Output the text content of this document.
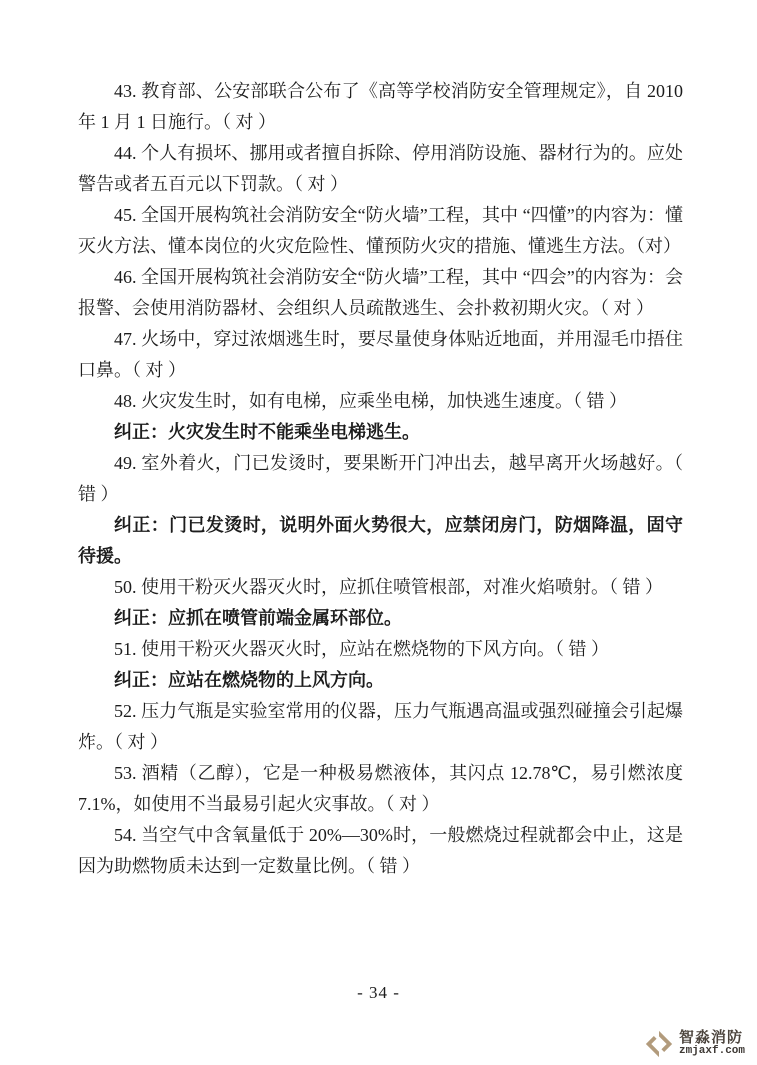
43. 教育部、公安部联合公布了《高等学校消防安全管理规定》，自 2010 年 1 月 1 日施行。（ 对 ）

44. 个人有损坏、挪用或者擅自拆除、停用消防设施、器材行为的。应处警告或者五百元以下罚款。（ 对 ）

45. 全国开展构筑社会消防安全“防火墙”工程，其中 “四懂”的内容为：懂灭火方法、懂本岗位的火灾危险性、懂预防火灾的措施、懂逃生方法。（对）

46. 全国开展构筑社会消防安全“防火墙”工程，其中 “四会”的内容为：会报警、会使用消防器材、会组织人员疏散逃生、会扑救初期火灾。（ 对 ）

47. 火场中，穿过浓烟逃生时，要尽量使身体贴近地面，并用湿毛巾捂住口鼻。（ 对 ）

48. 火灾发生时，如有电梯，应乘坐电梯，加快逃生速度。（ 错 ）

纠正：火灾发生时不能乘坐电梯逃生。

49. 室外着火，门已发烫时，要果断开门冲出去，越早离开火场越好。（ 错 ）

纠正：门已发烫时，说明外面火势很大，应禁闭房门，防烟降温，固守待援。

50. 使用干粉灭火器灭火时，应抓住喷管根部，对准火焰喷射。（ 错 ）

纠正：应抓在喷管前端金属环部位。

51. 使用干粉灭火器灭火时，应站在燃烧物的下风方向。（ 错 ）

纠正：应站在燃烧物的上风方向。

52. 压力气瓶是实验室常用的仪器，压力气瓶遇高温或强烈碰撞会引起爆炸。（ 对 ）

53. 酒精（乙醇），它是一种极易燃液体，其闪点 12.78℃，易引燃浓度 7.1%，如使用不当最易引起火灾事故。（ 对 ）

54. 当空气中含氧量低于 20%—30%时，一般燃烧过程就都会中止，这是因为助燃物质未达到一定数量比例。（ 错 ）

- 34 -
智淼消防
zmjaxf.com
